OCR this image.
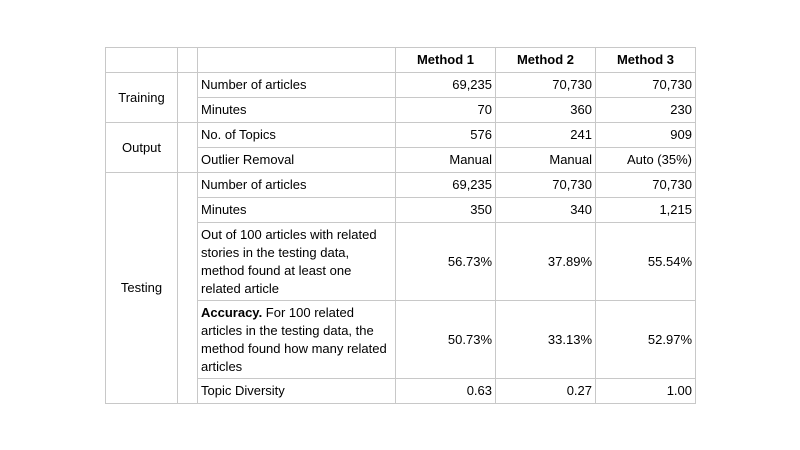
			Method 1	Method 2	Method 3
Training		Number of articles	69,235	70,730	70,730
		Minutes	70	360	230
Output		No. of Topics	576	241	909
		Outlier Removal	Manual	Manual	Auto (35%)
Testing		Number of articles	69,235	70,730	70,730
		Minutes	350	340	1,215
		Out of 100 articles with related stories in the testing data, method found at least one related article	56.73%	37.89%	55.54%
		Accuracy. For 100 related articles in the testing data, the method found how many related articles	50.73%	33.13%	52.97%
		Topic Diversity	0.63	0.27	1.00
